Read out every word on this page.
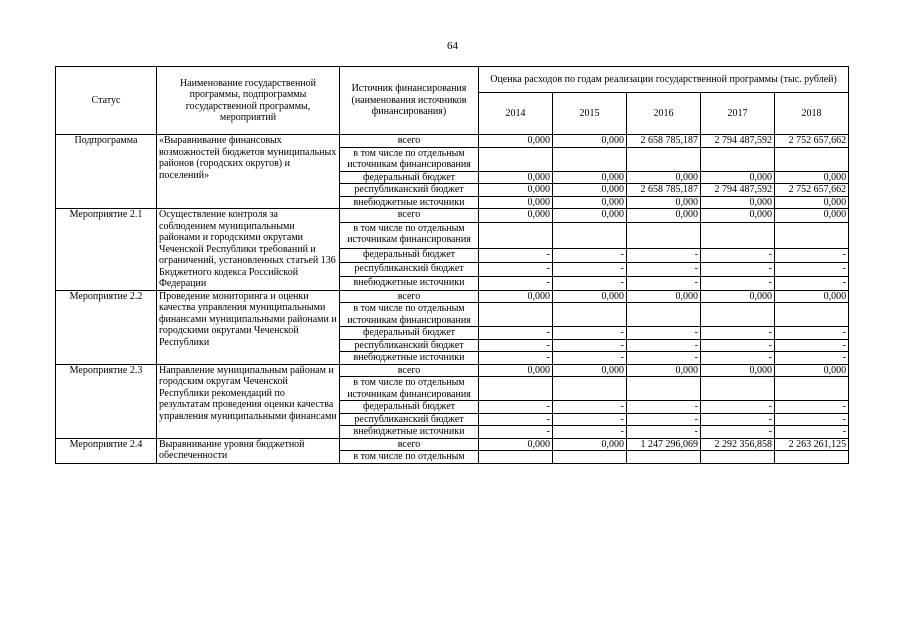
64
Статус	Наименование государственной программы, подпрограммы государственной программы, мероприятий	Источник финансирования (наименования источников финансирования)	Оценка расходов по годам реализации государственной программы (тыс. рублей)				
			2014	2015	2016	2017	2018
Подпрограмма	«Выравнивание финансовых возможностей бюджетов муниципальных районов (городских округов) и поселений»	всего	0,000	0,000	2 658 785,187	2 794 487,592	2 752 657,662
		в том числе по отдельным источникам финансирования					
		федеральный бюджет	0,000	0,000	0,000	0,000	0,000
		республиканский бюджет	0,000	0,000	2 658 785,187	2 794 487,592	2 752 657,662
		внебюджетные источники	0,000	0,000	0,000	0,000	0,000
Мероприятие 2.1	Осуществление контроля за соблюдением муниципальными районами и городскими округами Чеченской Республики требований и ограничений, установленных статьей 136 Бюджетного кодекса Российской Федерации	всего	0,000	0,000	0,000	0,000	0,000
		в том числе по отдельным источникам финансирования					
		федеральный бюджет	-	-	-	-	-
		республиканский бюджет	-	-	-	-	-
		внебюджетные источники	-	-	-	-	-
Мероприятие 2.2	Проведение мониторинга и оценки качества управления муниципальными финансами муниципальными районами и городскими округами Чеченской Республики	всего	0,000	0,000	0,000	0,000	0,000
		в том числе по отдельным источникам финансирования					
		федеральный бюджет	-	-	-	-	-
		республиканский бюджет	-	-	-	-	-
		внебюджетные источники	-	-	-	-	-
Мероприятие 2.3	Направление муниципальным районам и городским округам Чеченской Республики рекомендаций по результатам проведения оценки качества управления муниципальными финансами	всего	0,000	0,000	0,000	0,000	0,000
		в том числе по отдельным источникам финансирования					
		федеральный бюджет	-	-	-	-	-
		республиканский бюджет	-	-	-	-	-
		внебюджетные источники	-	-	-	-	-
Мероприятие 2.4	Выравнивание уровня бюджетной обеспеченности	всего	0,000	0,000	1 247 296,069	2 292 356,858	2 263 261,125
		в том числе по отдельным					
